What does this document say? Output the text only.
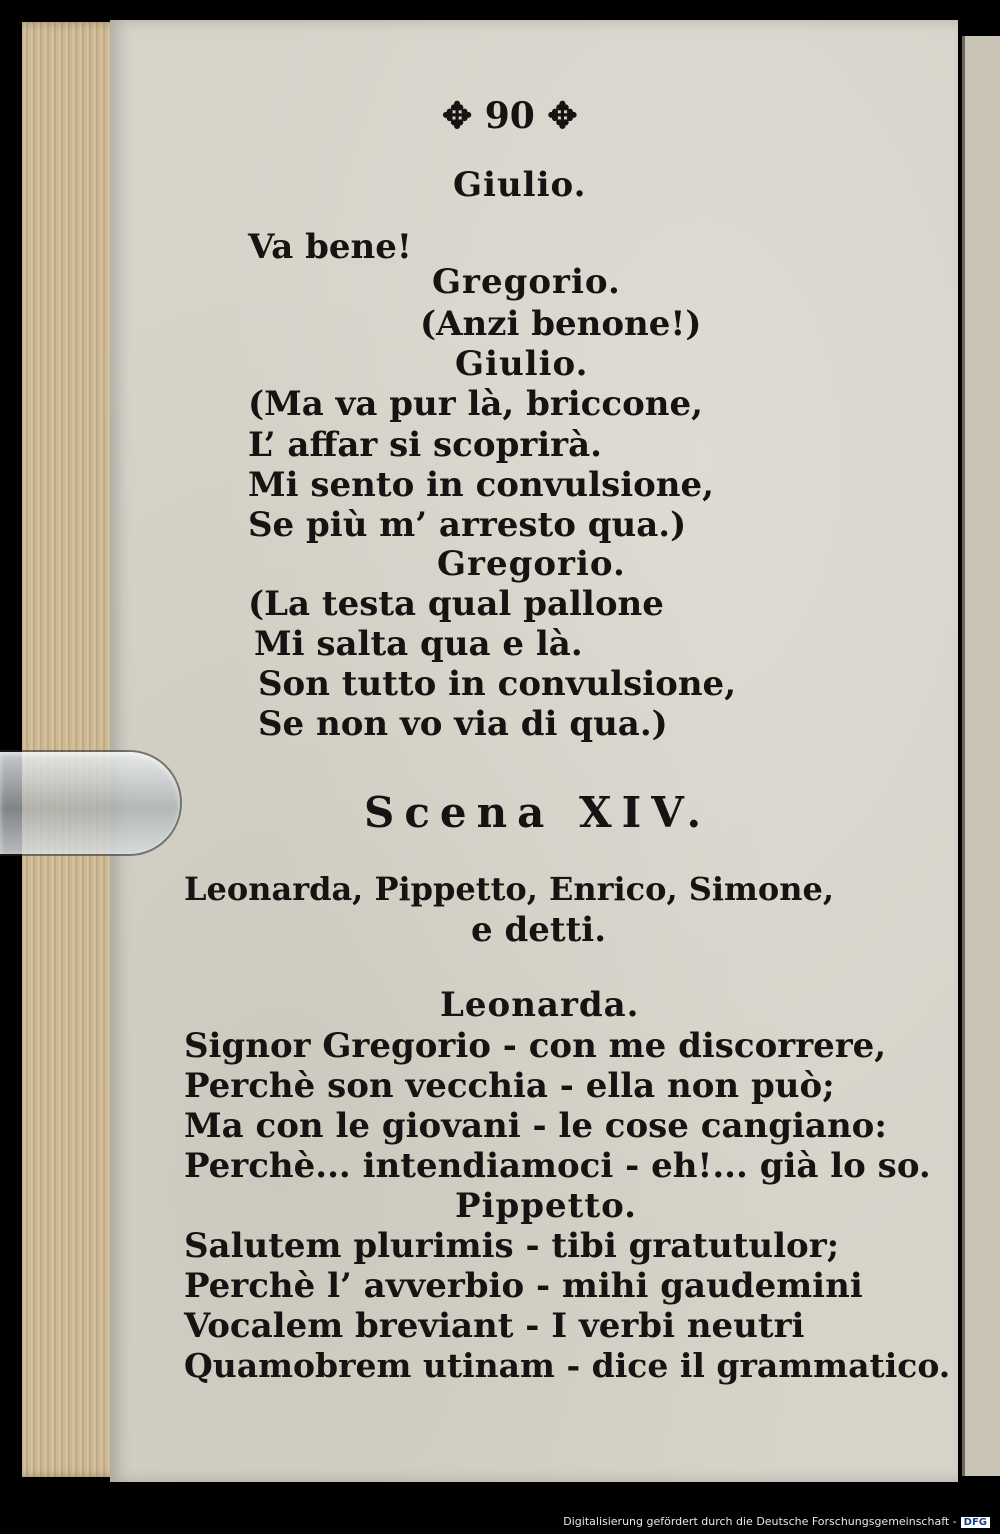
✥ 90 ✥

Giulio.

Va bene!

Gregorio.

(Anzi benone!)

Giulio.

(Ma va pur là, briccone,

L’ affar si scoprirà.

Mi sento in convulsione,

Se più m’ arresto qua.)

Gregorio.

(La testa qual pallone

Mi salta qua e là.

Son tutto in convulsione,

Se non vo via di qua.)

Scena XIV.

Leonarda, Pippetto, Enrico, Simone,

e detti.

Leonarda.

Signor Gregorio - con me discorrere,

Perchè son vecchia - ella non può;

Ma con le giovani - le cose cangiano:

Perchè... intendiamoci - eh!... già lo so.

Pippetto.

Salutem plurimis - tibi gratutulor;

Perchè l’ avverbio - mihi gaudemini

Vocalem breviant - I verbi neutri

Quamobrem utinam - dice il grammatico.

Digitalisierung gefördert durch die Deutsche Forschungsgemeinschaft - DFG
